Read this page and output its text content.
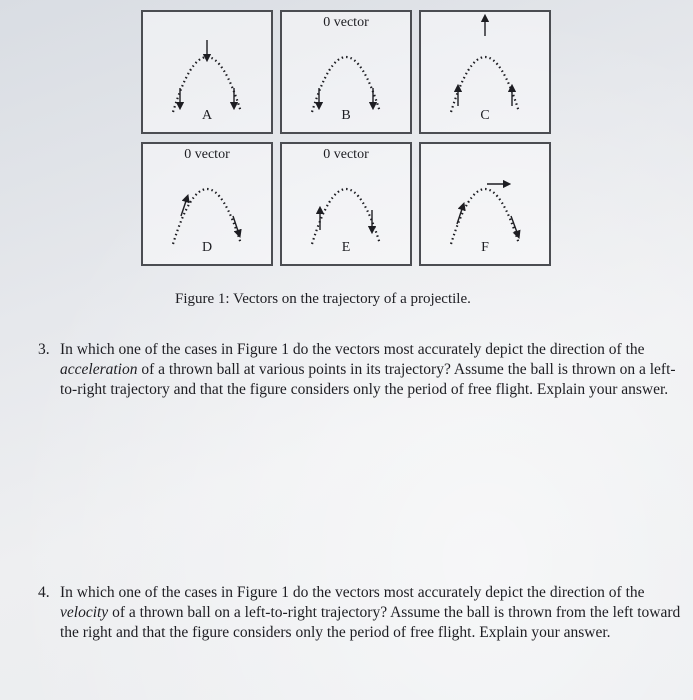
A
0 vector
B	C
0 vector
D
0 vector
E	F
Figure 1: Vectors on the trajectory of a projectile.
3. In which one of the cases in Figure 1 do the vectors most accurately depict the direction of the acceleration of a thrown ball at various points in its trajectory? Assume the ball is thrown on a left-to-right trajectory and that the figure considers only the period of free flight. Explain your answer.
4. In which one of the cases in Figure 1 do the vectors most accurately depict the direction of the velocity of a thrown ball on a left-to-right trajectory? Assume the ball is thrown from the left toward the right and that the figure considers only the period of free flight. Explain your answer.
